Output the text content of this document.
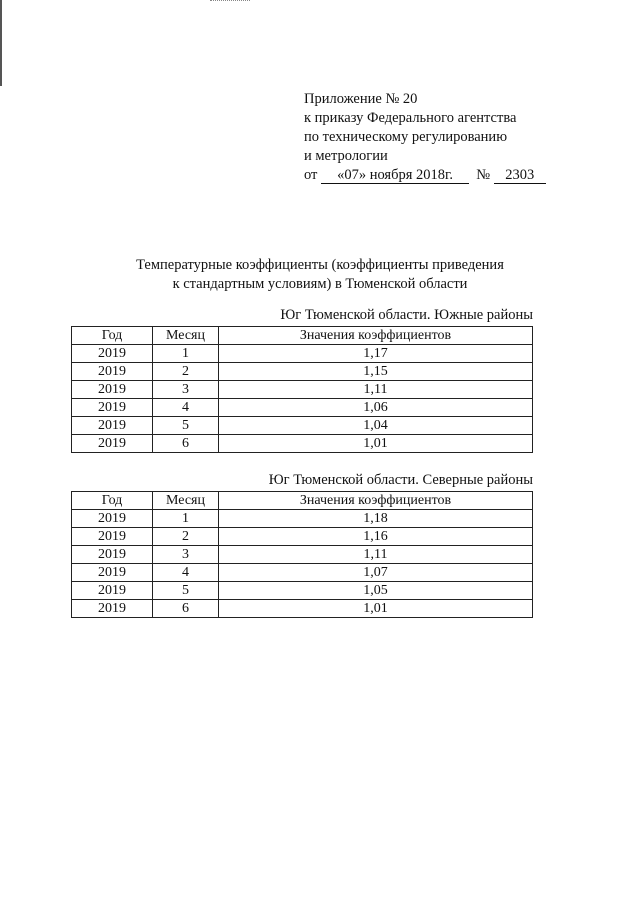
Приложение № 20
к приказу Федерального агентства
по техническому регулированию
и метрологии
от «07» ноября 2018г. № 2303
Температурные коэффициенты (коэффициенты приведения
к стандартным условиям) в Тюменской области
Юг Тюменской области. Южные районы
Год	Месяц	Значения коэффициентов
2019	1	1,17
2019	2	1,15
2019	3	1,11
2019	4	1,06
2019	5	1,04
2019	6	1,01
Юг Тюменской области. Северные районы
Год	Месяц	Значения коэффициентов
2019	1	1,18
2019	2	1,16
2019	3	1,11
2019	4	1,07
2019	5	1,05
2019	6	1,01
